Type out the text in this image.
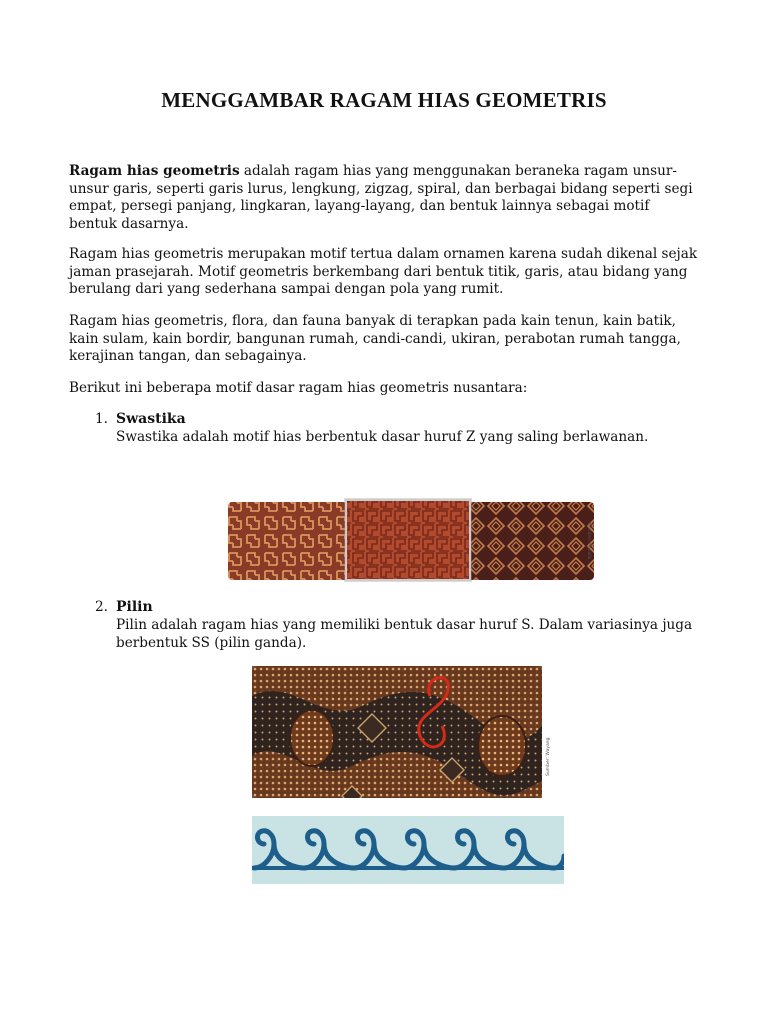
MENGGAMBAR RAGAM HIAS GEOMETRIS

Ragam hias geometris adalah ragam hias yang menggunakan beraneka ragam unsur-unsur garis, seperti garis lurus, lengkung, zigzag, spiral, dan berbagai bidang seperti segi empat, persegi panjang, lingkaran, layang-layang, dan bentuk lainnya sebagai motif bentuk dasarnya.

Ragam hias geometris merupakan motif tertua dalam ornamen karena sudah dikenal sejak jaman prasejarah. Motif geometris berkembang dari bentuk titik, garis, atau bidang yang berulang dari yang sederhana sampai dengan pola yang rumit.

Ragam hias geometris, flora, dan fauna banyak di terapkan pada kain tenun, kain batik, kain sulam, kain bordir, bangunan rumah, candi-candi, ukiran, perabotan rumah tangga, kerajinan tangan, dan sebagainya.

Berikut ini beberapa motif dasar ragam hias geometris nusantara:

1. Swastika

Swastika adalah motif hias berbentuk dasar huruf Z yang saling berlawanan.

Sumber: Penulis
2. Pilin

Pilin adalah ragam hias yang memiliki bentuk dasar huruf S. Dalam variasinya juga berbentuk SS (pilin ganda).

Sumber: Wayang
